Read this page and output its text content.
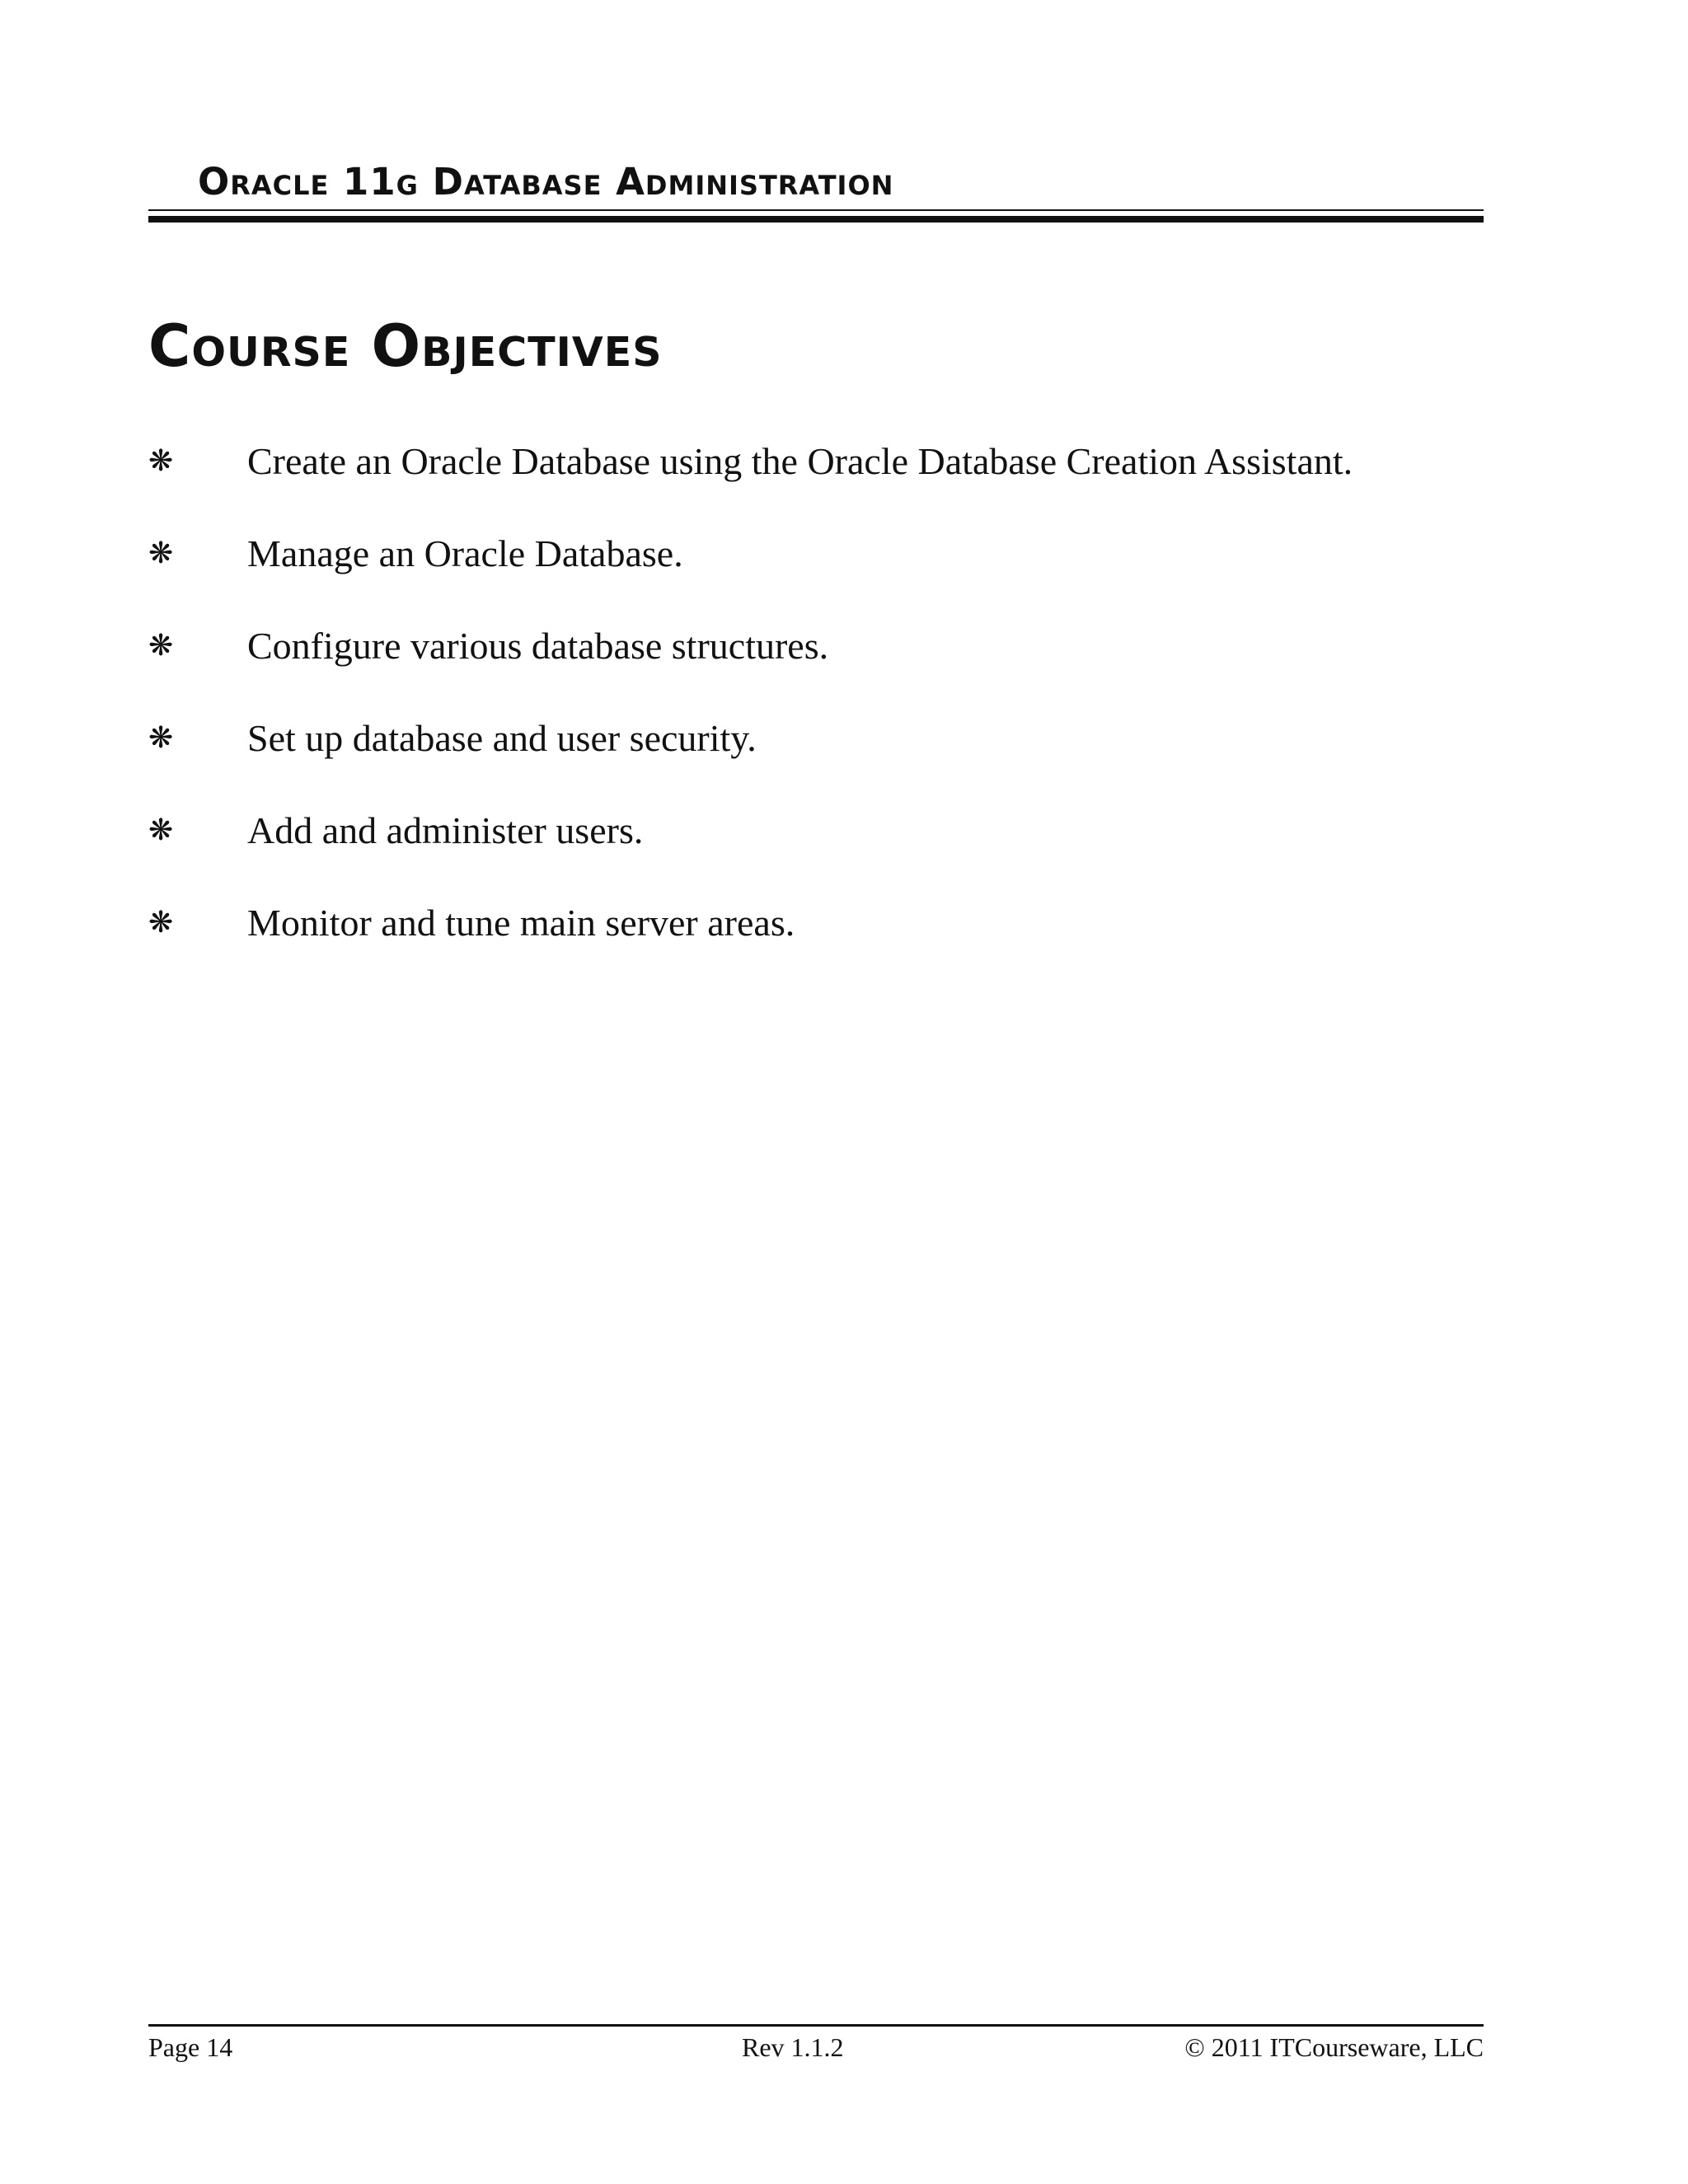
Oracle 11g Database Administration
Course Objectives
❋	Create an Oracle Database using the Oracle Database Creation Assistant.
❋	Manage an Oracle Database.
❋	Configure various database structures.
❋	Set up database and user security.
❋	Add and administer users.
❋	Monitor and tune main server areas.
Page 14	Rev 1.1.2	© 2011 ITCourseware, LLC
